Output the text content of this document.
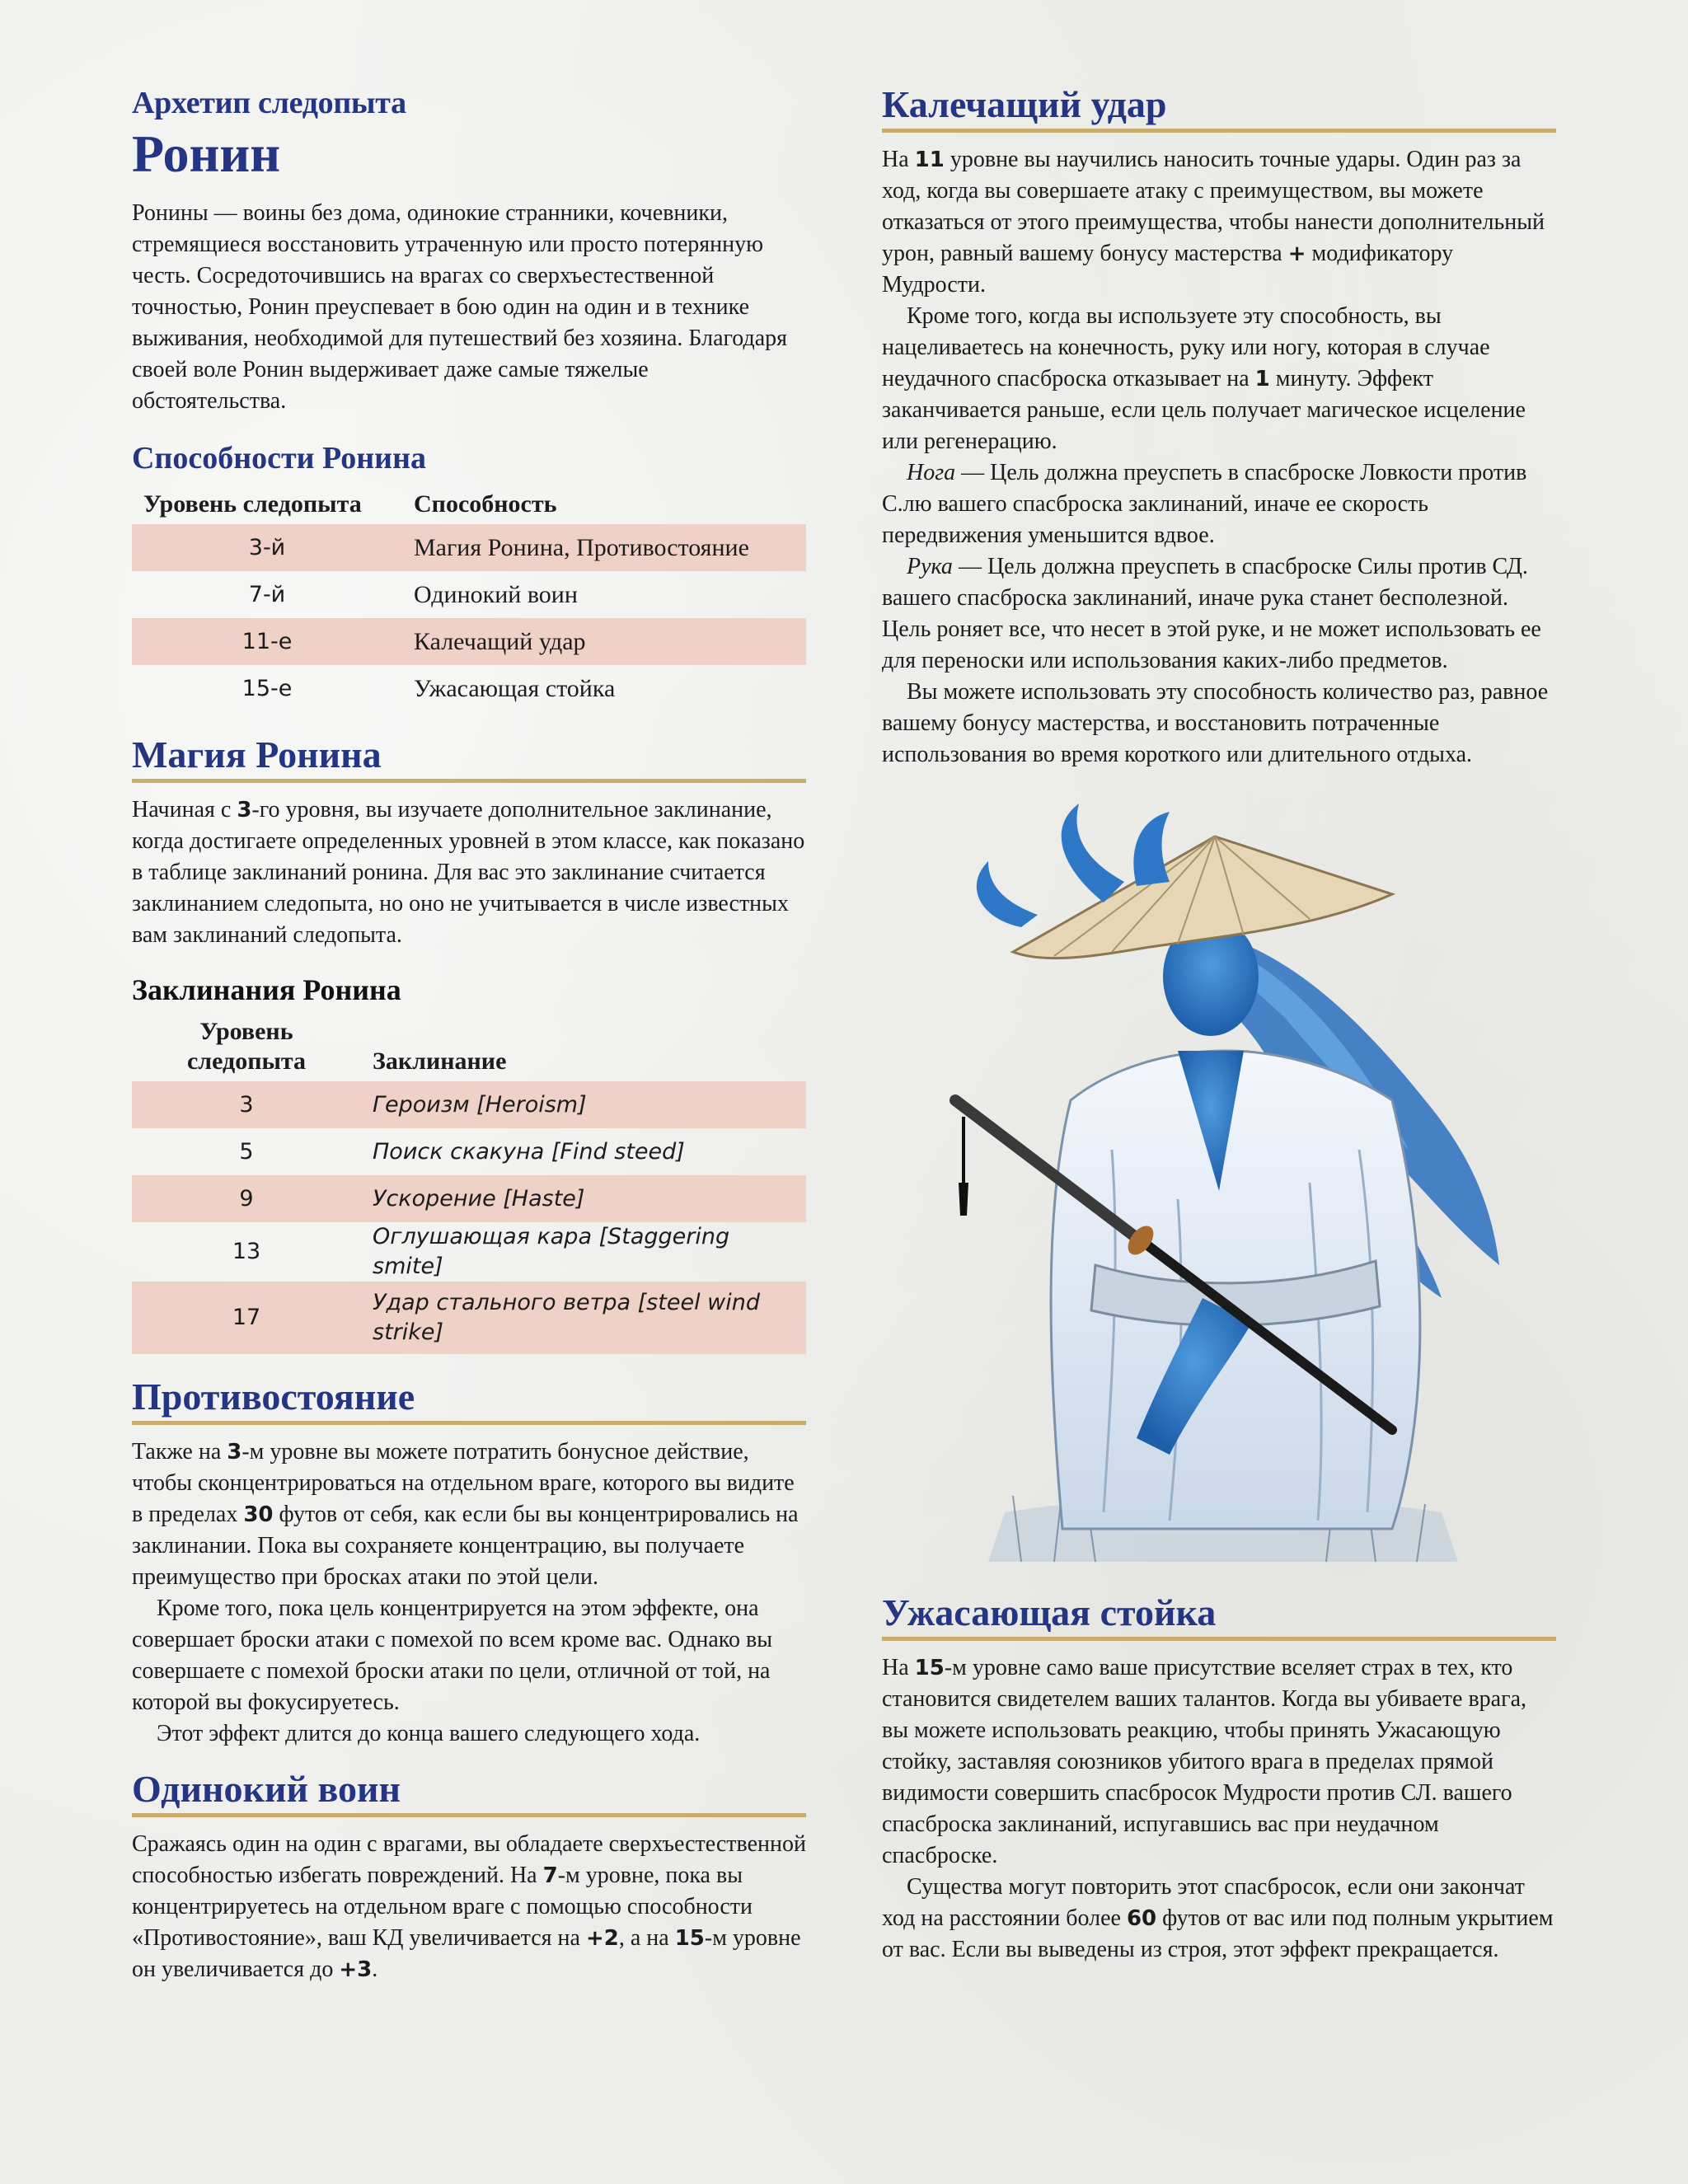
Архетип следопыта
Ронин

Ронины — воины без дома, одинокие странники, кочевники, стремящиеся восстановить утраченную или просто потерянную честь. Сосредоточившись на врагах со сверхъестественной точностью, Ронин преуспевает в бою один на один и в технике выживания, необходимой для путешествий без хозяина. Благодаря своей воле Ронин выдерживает даже самые тяжелые обстоятельства.

Способности Ронина
Уровень следопыта	Способность
3-й	Магия Ронина, Противостояние
7-й	Одинокий воин
11-е	Калечащий удар
15-е	Ужасающая стойка
Магия Ронина

Начиная с 3-го уровня, вы изучаете дополнительное заклинание, когда достигаете определенных уровней в этом классе, как показано в таблице заклинаний ронина. Для вас это заклинание считается заклинанием следопыта, но оно не учитывается в числе известных вам заклинаний следопыта.

Заклинания Ронина
Уровень
следопыта	Заклинание
3	Героизм [Heroism]
5	Поиск скакуна [Find steed]
9	Ускорение [Haste]
13	Оглушающая кара [Staggering smite]
17	Удар стального ветра [steel wind strike]
Противостояние

Также на 3-м уровне вы можете потратить бонусное действие, чтобы сконцентрироваться на отдельном враге, которого вы видите в пределах 30 футов от себя, как если бы вы концентрировались на заклинании. Пока вы сохраняете концентрацию, вы получаете преимущество при бросках атаки по этой цели.

Кроме того, пока цель концентрируется на этом эффекте, она совершает броски атаки с помехой по всем кроме вас. Однако вы совершаете с помехой броски атаки по цели, отличной от той, на которой вы фокусируетесь.

Этот эффект длится до конца вашего следующего хода.

Одинокий воин

Сражаясь один на один с врагами, вы обладаете сверхъестественной способностью избегать повреждений. На 7-м уровне, пока вы концентрируетесь на отдельном враге с помощью способности «Противостояние», ваш КД увеличивается на +2, а на 15-м уровне он увеличивается до +3.

Калечащий удар

На 11 уровне вы научились наносить точные удары. Один раз за ход, когда вы совершаете атаку с преимуществом, вы можете отказаться от этого преимущества, чтобы нанести дополнительный урон, равный вашему бонусу мастерства + модификатору Мудрости.

Кроме того, когда вы используете эту способность, вы нацеливаетесь на конечность, руку или ногу, которая в случае неудачного спасброска отказывает на 1 минуту. Эффект заканчивается раньше, если цель получает магическое исцеление или регенерацию.

Нога — Цель должна преуспеть в спасброске Ловкости против С.лю вашего спасброска заклинаний, иначе ее скорость передвижения уменьшится вдвое.

Рука — Цель должна преуспеть в спасброске Силы против СД. вашего спасброска заклинаний, иначе рука станет бесполезной. Цель роняет все, что несет в этой руке, и не может использовать ее для переноски или использования каких-либо предметов.

Вы можете использовать эту способность количество раз, равное вашему бонусу мастерства, и восстановить потраченные использования во время короткого или длительного отдыха.

Ужасающая стойка

На 15-м уровне само ваше присутствие вселяет страх в тех, кто становится свидетелем ваших талантов. Когда вы убиваете врага, вы можете использовать реакцию, чтобы принять Ужасающую стойку, заставляя союзников убитого врага в пределах прямой видимости совершить спасбросок Мудрости против СЛ. вашего спасброска заклинаний, испугавшись вас при неудачном спасброске.

Существа могут повторить этот спасбросок, если они закончат ход на расстоянии более 60 футов от вас или под полным укрытием от вас. Если вы выведены из строя, этот эффект прекращается.
